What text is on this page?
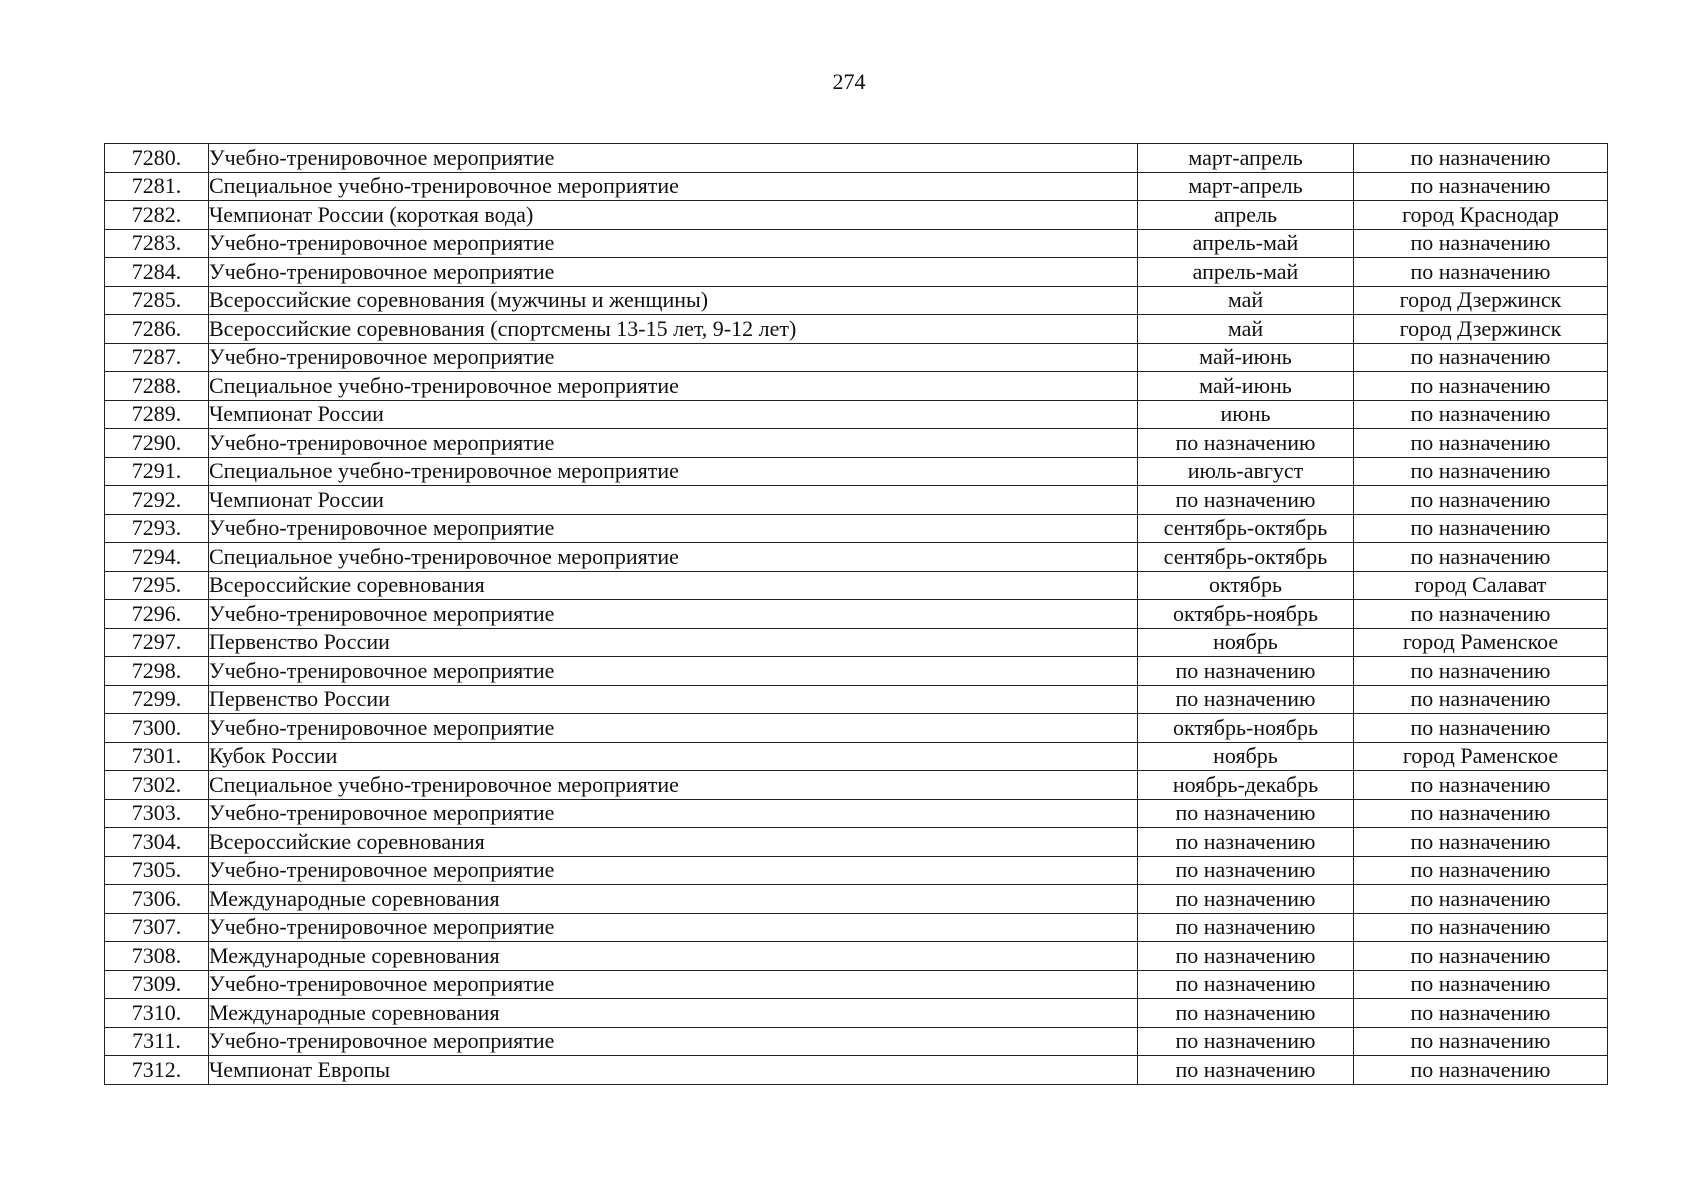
274
7280.	Учебно-тренировочное мероприятие	март-апрель	по назначению
7281.	Специальное учебно-тренировочное мероприятие	март-апрель	по назначению
7282.	Чемпионат России (короткая вода)	апрель	город Краснодар
7283.	Учебно-тренировочное мероприятие	апрель-май	по назначению
7284.	Учебно-тренировочное мероприятие	апрель-май	по назначению
7285.	Всероссийские соревнования (мужчины и женщины)	май	город Дзержинск
7286.	Всероссийские соревнования (спортсмены 13-15 лет, 9-12 лет)	май	город Дзержинск
7287.	Учебно-тренировочное мероприятие	май-июнь	по назначению
7288.	Специальное учебно-тренировочное мероприятие	май-июнь	по назначению
7289.	Чемпионат России	июнь	по назначению
7290.	Учебно-тренировочное мероприятие	по назначению	по назначению
7291.	Специальное учебно-тренировочное мероприятие	июль-август	по назначению
7292.	Чемпионат России	по назначению	по назначению
7293.	Учебно-тренировочное мероприятие	сентябрь-октябрь	по назначению
7294.	Специальное учебно-тренировочное мероприятие	сентябрь-октябрь	по назначению
7295.	Всероссийские соревнования	октябрь	город Салават
7296.	Учебно-тренировочное мероприятие	октябрь-ноябрь	по назначению
7297.	Первенство России	ноябрь	город Раменское
7298.	Учебно-тренировочное мероприятие	по назначению	по назначению
7299.	Первенство России	по назначению	по назначению
7300.	Учебно-тренировочное мероприятие	октябрь-ноябрь	по назначению
7301.	Кубок России	ноябрь	город Раменское
7302.	Специальное учебно-тренировочное мероприятие	ноябрь-декабрь	по назначению
7303.	Учебно-тренировочное мероприятие	по назначению	по назначению
7304.	Всероссийские соревнования	по назначению	по назначению
7305.	Учебно-тренировочное мероприятие	по назначению	по назначению
7306.	Международные соревнования	по назначению	по назначению
7307.	Учебно-тренировочное мероприятие	по назначению	по назначению
7308.	Международные соревнования	по назначению	по назначению
7309.	Учебно-тренировочное мероприятие	по назначению	по назначению
7310.	Международные соревнования	по назначению	по назначению
7311.	Учебно-тренировочное мероприятие	по назначению	по назначению
7312.	Чемпионат Европы	по назначению	по назначению
